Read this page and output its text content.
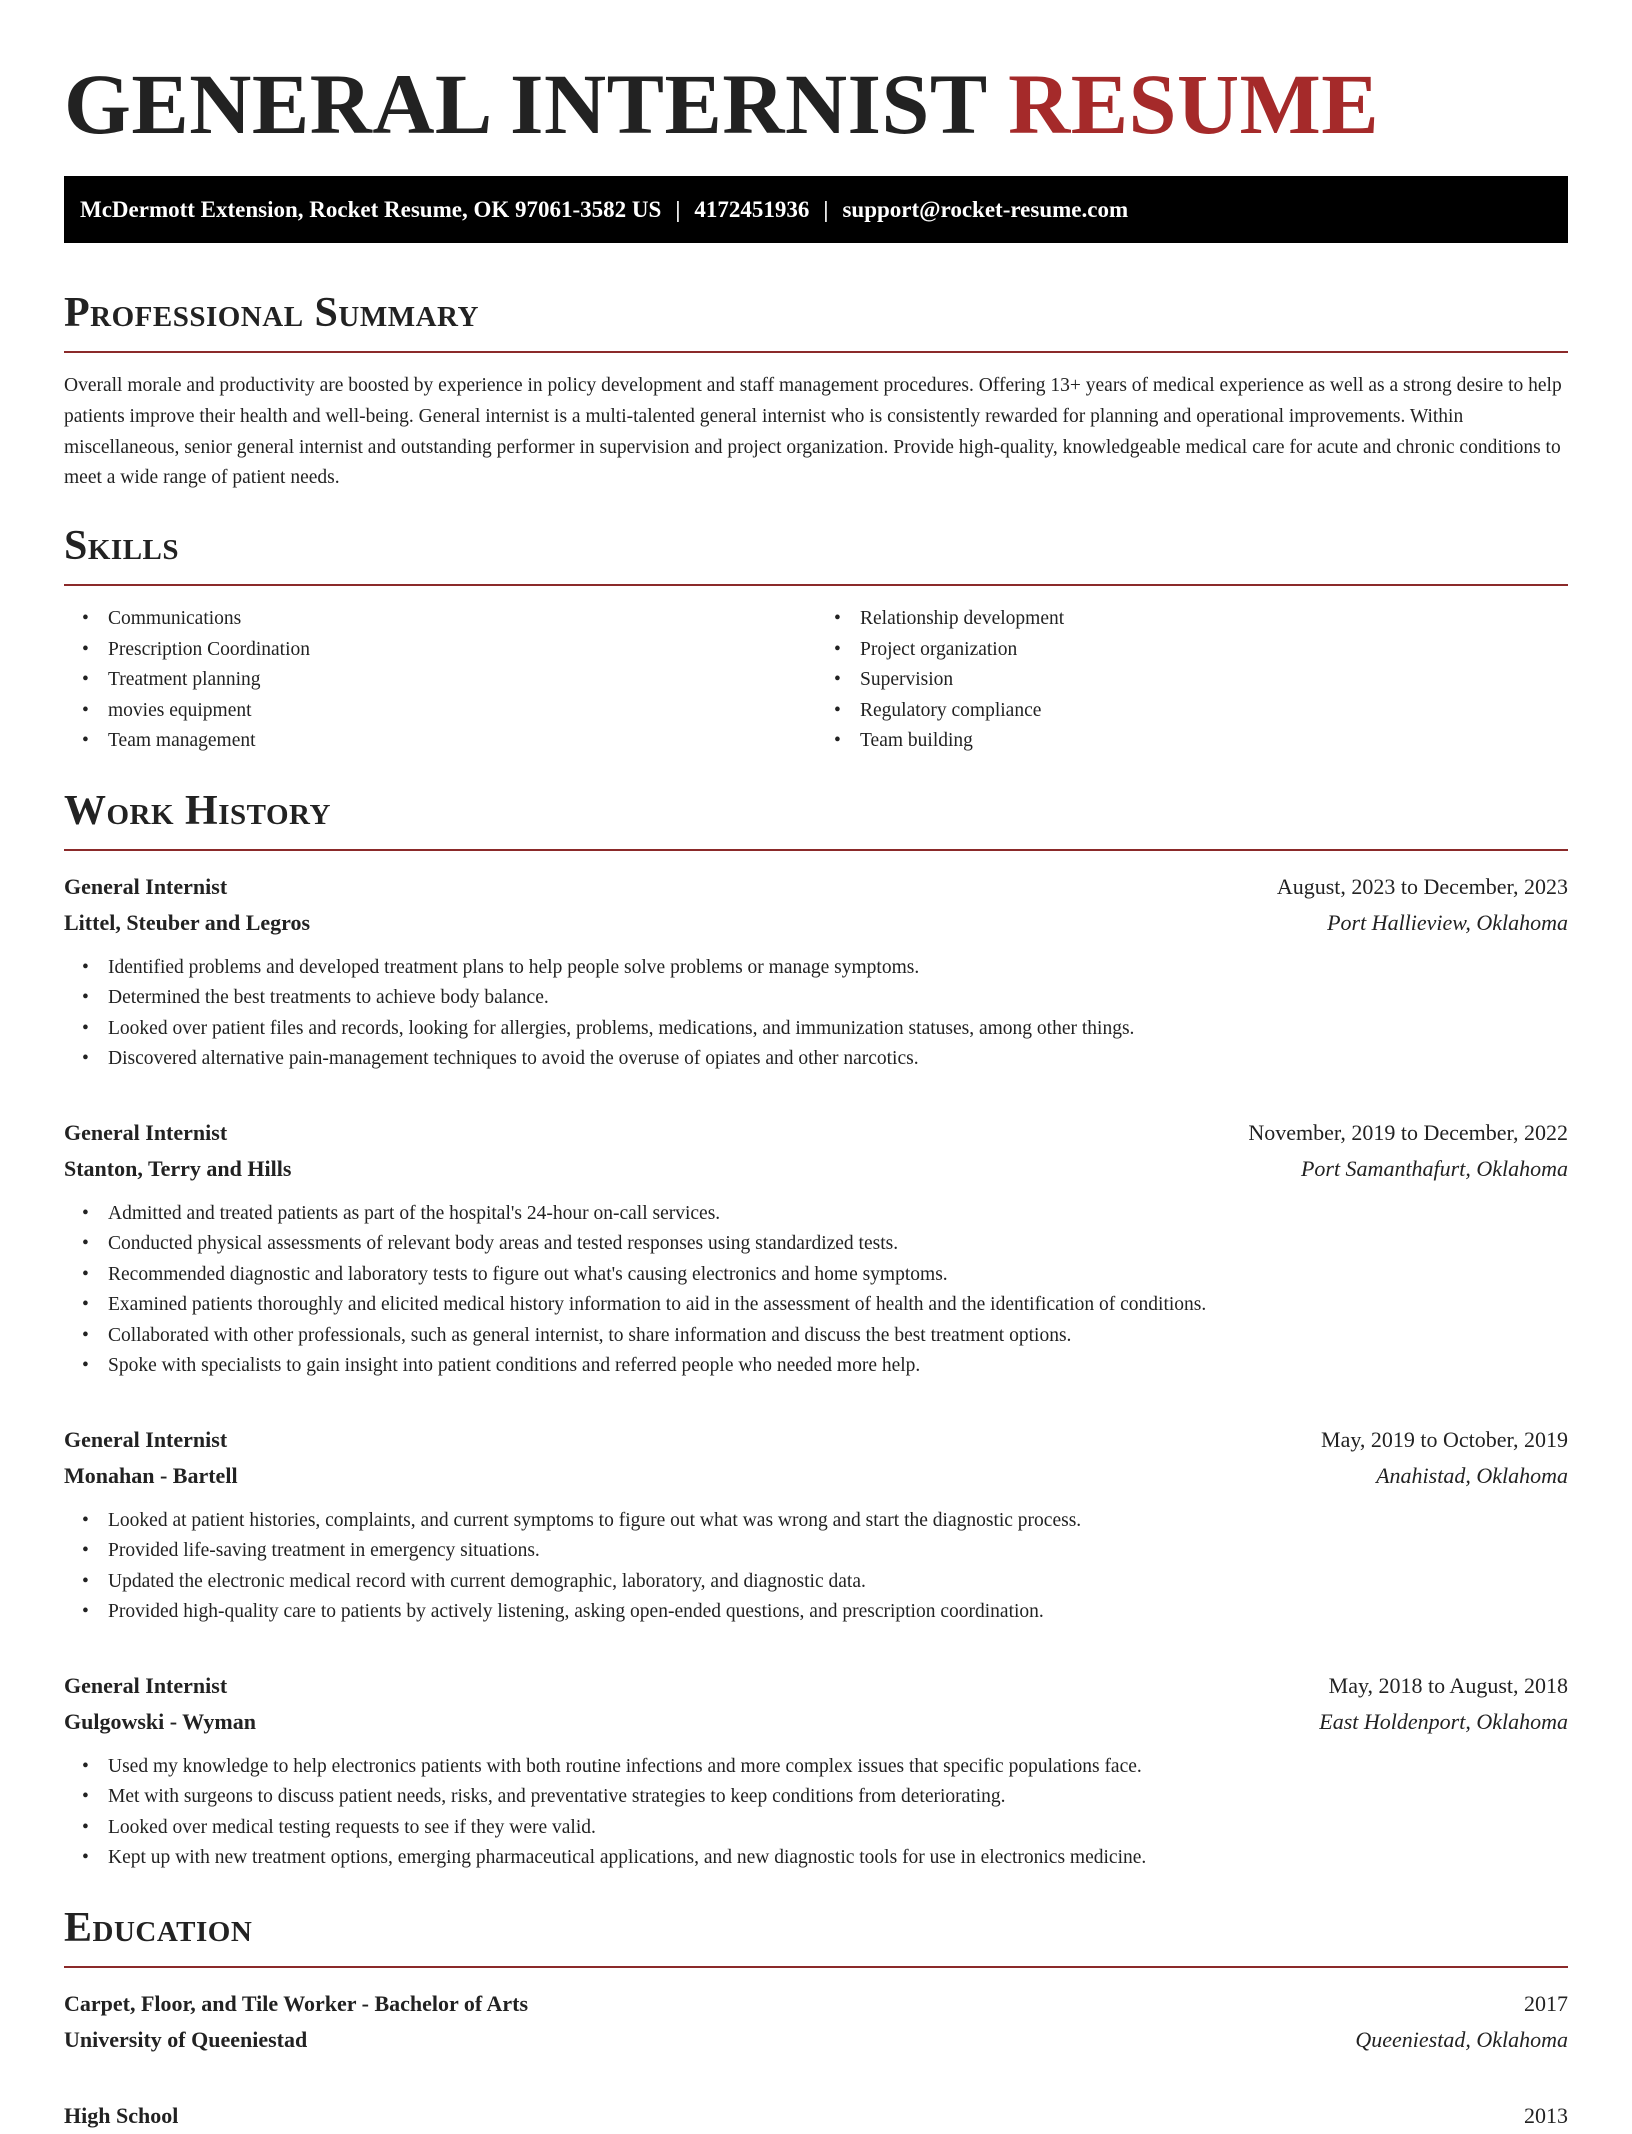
GENERAL INTERNIST RESUME
McDermott Extension, Rocket Resume, OK 97061-3582 US | 4172451936 | support@rocket-resume.com
Professional Summary

Overall morale and productivity are boosted by experience in policy development and staff management procedures. Offering 13+ years of medical experience as well as a strong desire to help patients improve their health and well-being. General internist is a multi-talented general internist who is consistently rewarded for planning and operational improvements. Within miscellaneous, senior general internist and outstanding performer in supervision and project organization. Provide high-quality, knowledgeable medical care for acute and chronic conditions to meet a wide range of patient needs.

Skills
• Communications
• Prescription Coordination
• Treatment planning
• movies equipment
• Team management
• Relationship development
• Project organization
• Supervision
• Regulatory compliance
• Team building
Work History
General Internist	August, 2023 to December, 2023
Littel, Steuber and Legros	Port Hallieview, Oklahoma
• Identified problems and developed treatment plans to help people solve problems or manage symptoms.
• Determined the best treatments to achieve body balance.
• Looked over patient files and records, looking for allergies, problems, medications, and immunization statuses, among other things.
• Discovered alternative pain-management techniques to avoid the overuse of opiates and other narcotics.
General Internist	November, 2019 to December, 2022
Stanton, Terry and Hills	Port Samanthafurt, Oklahoma
• Admitted and treated patients as part of the hospital's 24-hour on-call services.
• Conducted physical assessments of relevant body areas and tested responses using standardized tests.
• Recommended diagnostic and laboratory tests to figure out what's causing electronics and home symptoms.
• Examined patients thoroughly and elicited medical history information to aid in the assessment of health and the identification of conditions.
• Collaborated with other professionals, such as general internist, to share information and discuss the best treatment options.
• Spoke with specialists to gain insight into patient conditions and referred people who needed more help.
General Internist	May, 2019 to October, 2019
Monahan - Bartell	Anahistad, Oklahoma
• Looked at patient histories, complaints, and current symptoms to figure out what was wrong and start the diagnostic process.
• Provided life-saving treatment in emergency situations.
• Updated the electronic medical record with current demographic, laboratory, and diagnostic data.
• Provided high-quality care to patients by actively listening, asking open-ended questions, and prescription coordination.
General Internist	May, 2018 to August, 2018
Gulgowski - Wyman	East Holdenport, Oklahoma
• Used my knowledge to help electronics patients with both routine infections and more complex issues that specific populations face.
• Met with surgeons to discuss patient needs, risks, and preventative strategies to keep conditions from deteriorating.
• Looked over medical testing requests to see if they were valid.
• Kept up with new treatment options, emerging pharmaceutical applications, and new diagnostic tools for use in electronics medicine.
Education
Carpet, Floor, and Tile Worker - Bachelor of Arts	2017
University of Queeniestad	Queeniestad, Oklahoma
High School	2013
